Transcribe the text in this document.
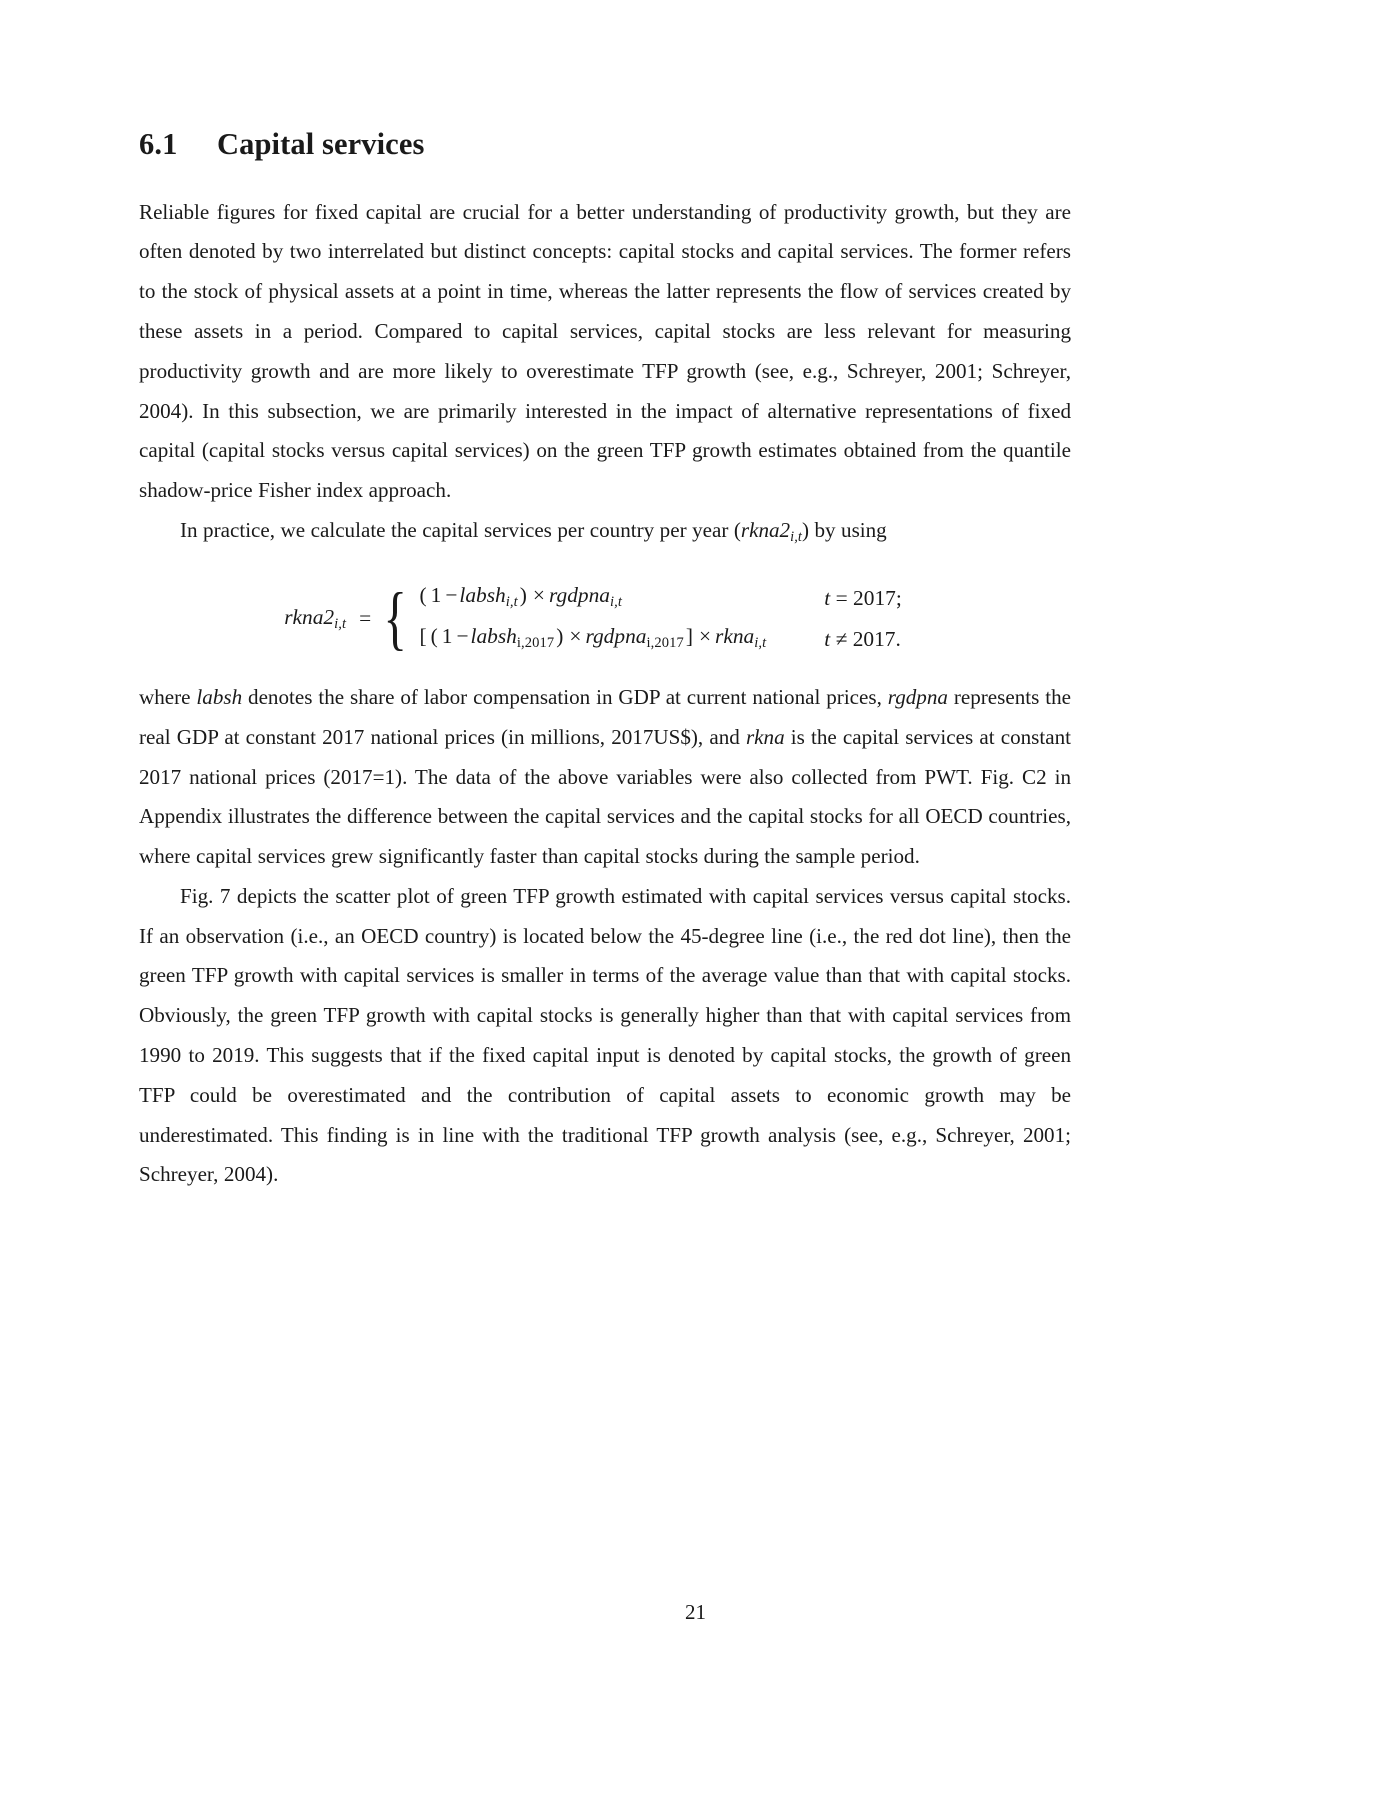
6.1	Capital services

Reliable figures for fixed capital are crucial for a better understanding of productivity growth, but they are often denoted by two interrelated but distinct concepts: capital stocks and capital services. The former refers to the stock of physical assets at a point in time, whereas the latter represents the flow of services created by these assets in a period. Compared to capital services, capital stocks are less relevant for measuring productivity growth and are more likely to overestimate TFP growth (see, e.g., Schreyer, 2001; Schreyer, 2004). In this subsection, we are primarily interested in the impact of alternative representations of fixed capital (capital stocks versus capital services) on the green TFP growth estimates obtained from the quantile shadow-price Fisher index approach.

In practice, we calculate the capital services per country per year $(rkna2_{i,t})$ by using

$rkna2_{i,t}$ = { ( 1 −labsh$_{i,t}$) × rgdpna$_{i,t}$	t = 2017;
[ ( 1 −labsh$_{i,2017}$) × rgdpna$_{i,2017}$] × rkna$_{i,t}$	t ≠ 2017.

where labsh denotes the share of labor compensation in GDP at current national prices, rgdpna represents the real GDP at constant 2017 national prices (in millions, 2017US$), and rkna is the capital services at constant 2017 national prices (2017=1). The data of the above variables were also collected from PWT. Fig. C2 in Appendix illustrates the difference between the capital services and the capital stocks for all OECD countries, where capital services grew significantly faster than capital stocks during the sample period.

Fig. 7 depicts the scatter plot of green TFP growth estimated with capital services versus capital stocks. If an observation (i.e., an OECD country) is located below the 45-degree line (i.e., the red dot line), then the green TFP growth with capital services is smaller in terms of the average value than that with capital stocks. Obviously, the green TFP growth with capital stocks is generally higher than that with capital services from 1990 to 2019. This suggests that if the fixed capital input is denoted by capital stocks, the growth of green TFP could be overestimated and the contribution of capital assets to economic growth may be underestimated. This finding is in line with the traditional TFP growth analysis (see, e.g., Schreyer, 2001; Schreyer, 2004).

21
